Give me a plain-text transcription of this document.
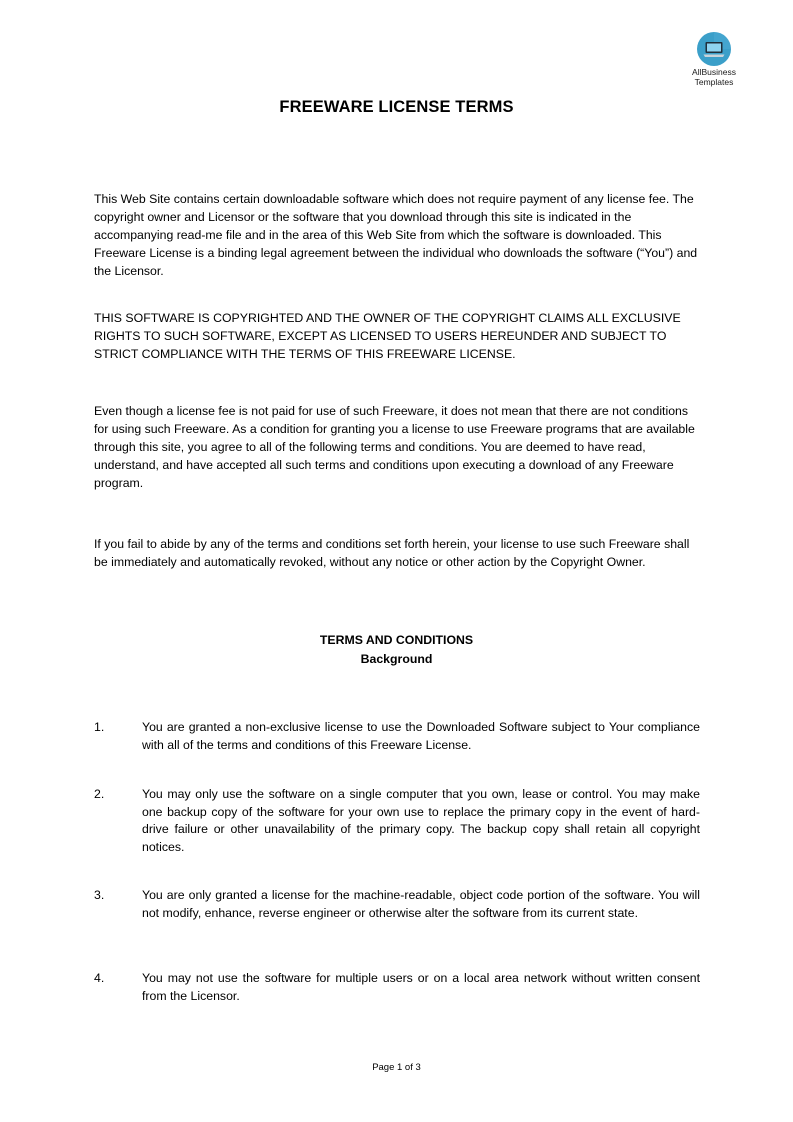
AllBusiness
Templates
FREEWARE LICENSE TERMS

This Web Site contains certain downloadable software which does not require payment of any license fee. The copyright owner and Licensor or the software that you download through this site is indicated in the accompanying read-me file and in the area of this Web Site from which the software is downloaded. This Freeware License is a binding legal agreement between the individual who downloads the software (“You”) and the Licensor.

THIS SOFTWARE IS COPYRIGHTED AND THE OWNER OF THE COPYRIGHT CLAIMS ALL EXCLUSIVE RIGHTS TO SUCH SOFTWARE, EXCEPT AS LICENSED TO USERS HEREUNDER AND SUBJECT TO STRICT COMPLIANCE WITH THE TERMS OF THIS FREEWARE LICENSE.

Even though a license fee is not paid for use of such Freeware, it does not mean that there are not conditions for using such Freeware. As a condition for granting you a license to use Freeware programs that are available through this site, you agree to all of the following terms and conditions. You are deemed to have read, understand, and have accepted all such terms and conditions upon executing a download of any Freeware program.

If you fail to abide by any of the terms and conditions set forth herein, your license to use such Freeware shall be immediately and automatically revoked, without any notice or other action by the Copyright Owner.

TERMS AND CONDITIONS
Background
1.	You are granted a non-exclusive license to use the Downloaded Software subject to Your compliance with all of the terms and conditions of this Freeware License.
2.	You may only use the software on a single computer that you own, lease or control. You may make one backup copy of the software for your own use to replace the primary copy in the event of hard-drive failure or other unavailability of the primary copy. The backup copy shall retain all copyright notices.
3.	You are only granted a license for the machine-readable, object code portion of the software. You will not modify, enhance, reverse engineer or otherwise alter the software from its current state.
4.	You may not use the software for multiple users or on a local area network without written consent from the Licensor.
Page 1 of 3
